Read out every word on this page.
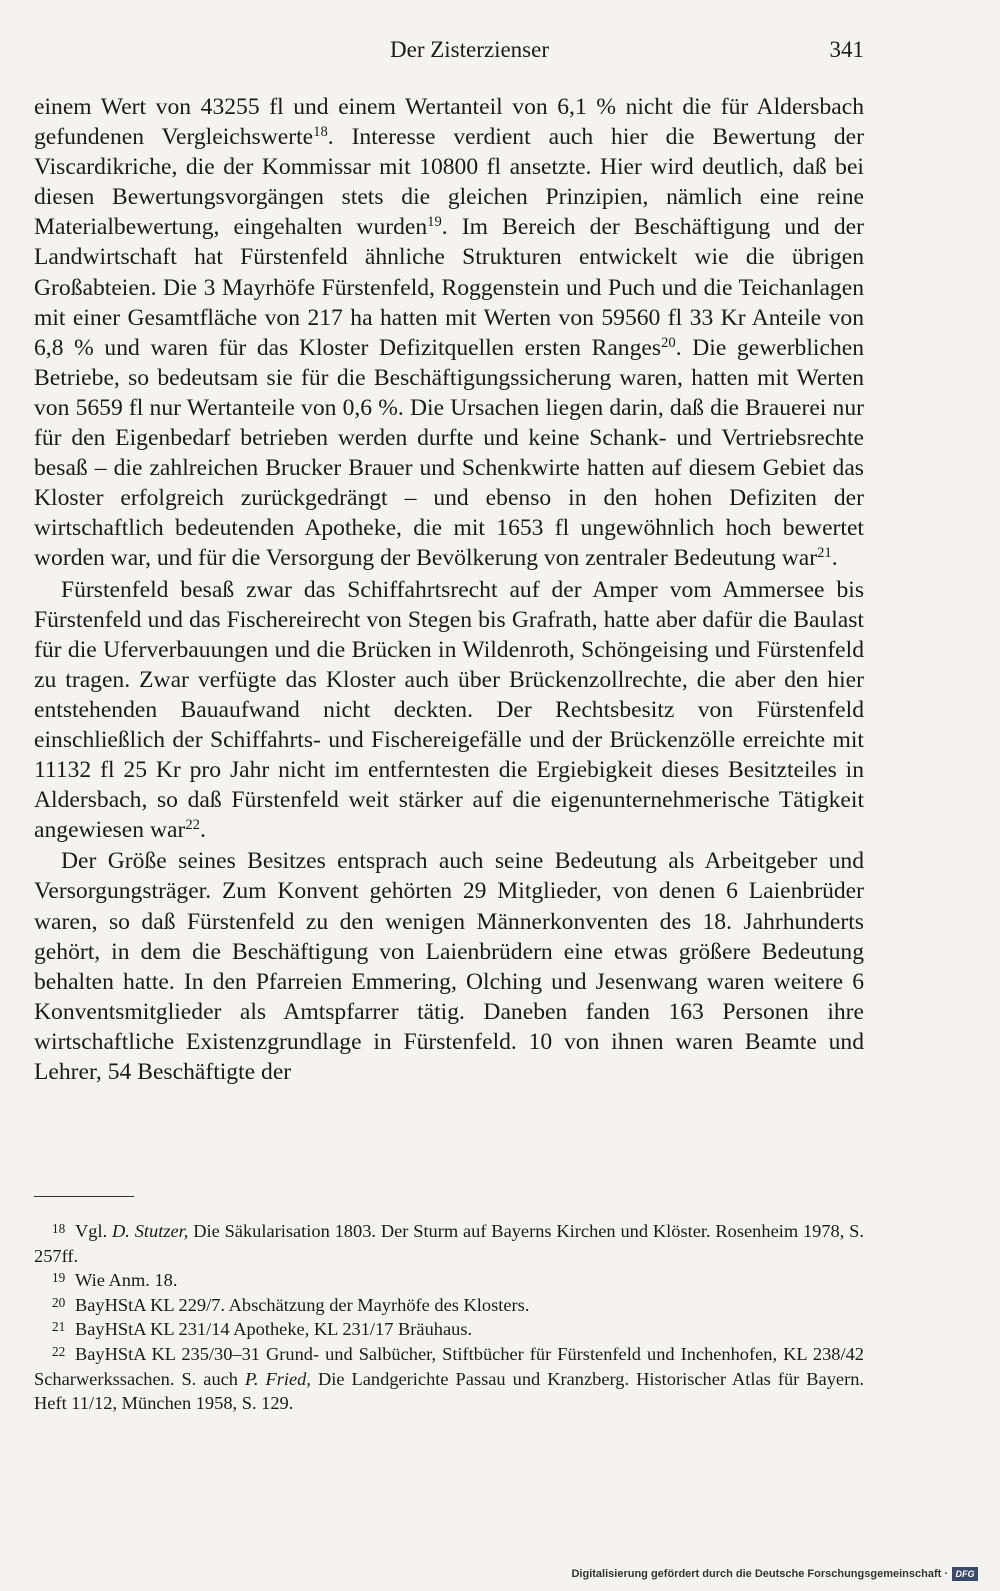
Der Zisterzienser	341

einem Wert von 43255 fl und einem Wertanteil von 6,1 % nicht die für Aldersbach gefundenen Vergleichswerte$^{18}$. Interesse verdient auch hier die Bewertung der Viscardikriche, die der Kommissar mit 10800 fl ansetzte. Hier wird deutlich, daß bei diesen Bewertungsvorgängen stets die gleichen Prinzipien, nämlich eine reine Materialbewertung, eingehalten wurden$^{19}$. Im Bereich der Beschäftigung und der Landwirtschaft hat Fürstenfeld ähnliche Strukturen entwickelt wie die übrigen Großabteien. Die 3 Mayrhöfe Fürstenfeld, Roggenstein und Puch und die Teichanlagen mit einer Gesamtfläche von 217 ha hatten mit Werten von 59560 fl 33 Kr Anteile von 6,8 % und waren für das Kloster Defizitquellen ersten Ranges$^{20}$. Die gewerblichen Betriebe, so bedeutsam sie für die Beschäftigungssicherung waren, hatten mit Werten von 5659 fl nur Wertanteile von 0,6 %. Die Ursachen liegen darin, daß die Brauerei nur für den Eigenbedarf betrieben werden durfte und keine Schank- und Vertriebsrechte besaß – die zahlreichen Brucker Brauer und Schenkwirte hatten auf diesem Gebiet das Kloster erfolgreich zurückgedrängt – und ebenso in den hohen Defiziten der wirtschaftlich bedeutenden Apotheke, die mit 1653 fl ungewöhnlich hoch bewertet worden war, und für die Versorgung der Bevölkerung von zentraler Bedeutung war$^{21}$.

Fürstenfeld besaß zwar das Schiffahrtsrecht auf der Amper vom Ammersee bis Fürstenfeld und das Fischereirecht von Stegen bis Grafrath, hatte aber dafür die Baulast für die Uferverbauungen und die Brücken in Wildenroth, Schöngeising und Fürstenfeld zu tragen. Zwar verfügte das Kloster auch über Brückenzollrechte, die aber den hier entstehenden Bauaufwand nicht deckten. Der Rechtsbesitz von Fürstenfeld einschließlich der Schiffahrts- und Fischereigefälle und der Brückenzölle erreichte mit 11132 fl 25 Kr pro Jahr nicht im entferntesten die Ergiebigkeit dieses Besitzteiles in Aldersbach, so daß Fürstenfeld weit stärker auf die eigenunternehmerische Tätigkeit angewiesen war$^{22}$.

Der Größe seines Besitzes entsprach auch seine Bedeutung als Arbeitgeber und Versorgungsträger. Zum Konvent gehörten 29 Mitglieder, von denen 6 Laienbrüder waren, so daß Fürstenfeld zu den wenigen Männerkonventen des 18. Jahrhunderts gehört, in dem die Beschäftigung von Laienbrüdern eine etwas größere Bedeutung behalten hatte. In den Pfarreien Emmering, Olching und Jesenwang waren weitere 6 Konventsmitglieder als Amtspfarrer tätig. Daneben fanden 163 Personen ihre wirtschaftliche Existenzgrundlage in Fürstenfeld. 10 von ihnen waren Beamte und Lehrer, 54 Beschäftigte der

$^{18}$ Vgl. D. Stutzer, Die Säkularisation 1803. Der Sturm auf Bayerns Kirchen und Klöster. Rosenheim 1978, S. 257ff.
$^{19}$ Wie Anm. 18.
$^{20}$ BayHStA KL 229/7. Abschätzung der Mayrhöfe des Klosters.
$^{21}$ BayHStA KL 231/14 Apotheke, KL 231/17 Bräuhaus.
$^{22}$ BayHStA KL 235/30–31 Grund- und Salbücher, Stiftbücher für Fürstenfeld und Inchenhofen, KL 238/42 Scharwerkssachen. S. auch P. Fried, Die Landgerichte Passau und Kranzberg. Historischer Atlas für Bayern. Heft 11/12, München 1958, S. 129.
Digitalisierung gefördert durch die Deutsche Forschungsgemeinschaft · DFG
